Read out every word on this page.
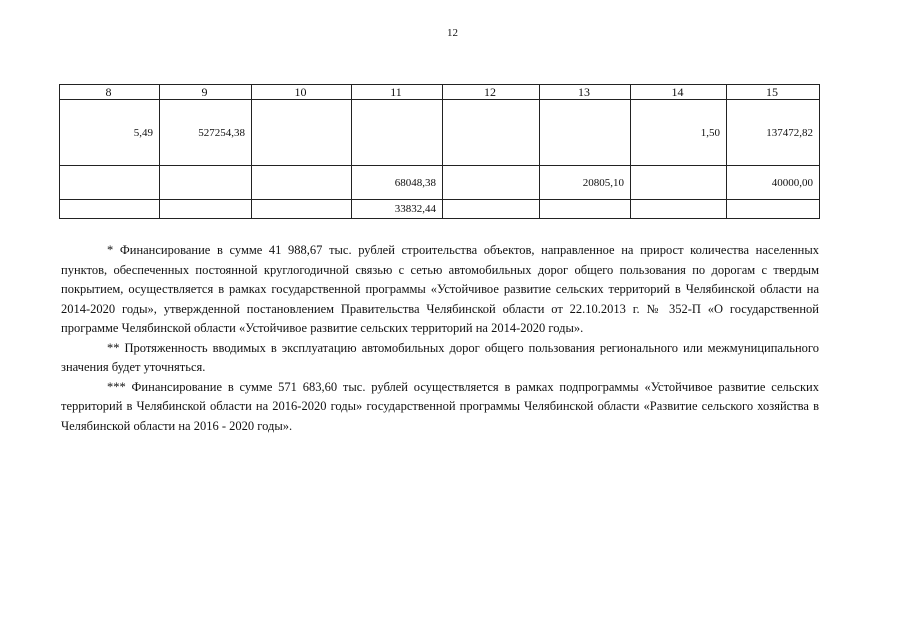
12
8	9	10	11	12	13	14	15
5,49	527254,38					1,50	137472,82
			68048,38		20805,10		40000,00
			33832,44				

* Финансирование в сумме 41 988,67 тыс. рублей строительства объектов, направленное на прирост количества населенных пунктов, обеспеченных постоянной круглогодичной связью с сетью автомобильных дорог общего пользования по дорогам с твердым покрытием, осуществляется в рамках государственной программы «Устойчивое развитие сельских территорий в Челябинской области на 2014-2020 годы», утвержденной постановлением Правительства Челябинской области от 22.10.2013 г. № 352-П «О государственной программе Челябинской области «Устойчивое развитие сельских территорий на 2014-2020 годы».

** Протяженность вводимых в эксплуатацию автомобильных дорог общего пользования регионального или межмуниципального значения будет уточняться.

*** Финансирование в сумме 571 683,60 тыс. рублей осуществляется в рамках подпрограммы «Устойчивое развитие сельских территорий в Челябинской области на 2016-2020 годы» государственной программы Челябинской области «Развитие сельского хозяйства в Челябинской области на 2016 - 2020 годы».
